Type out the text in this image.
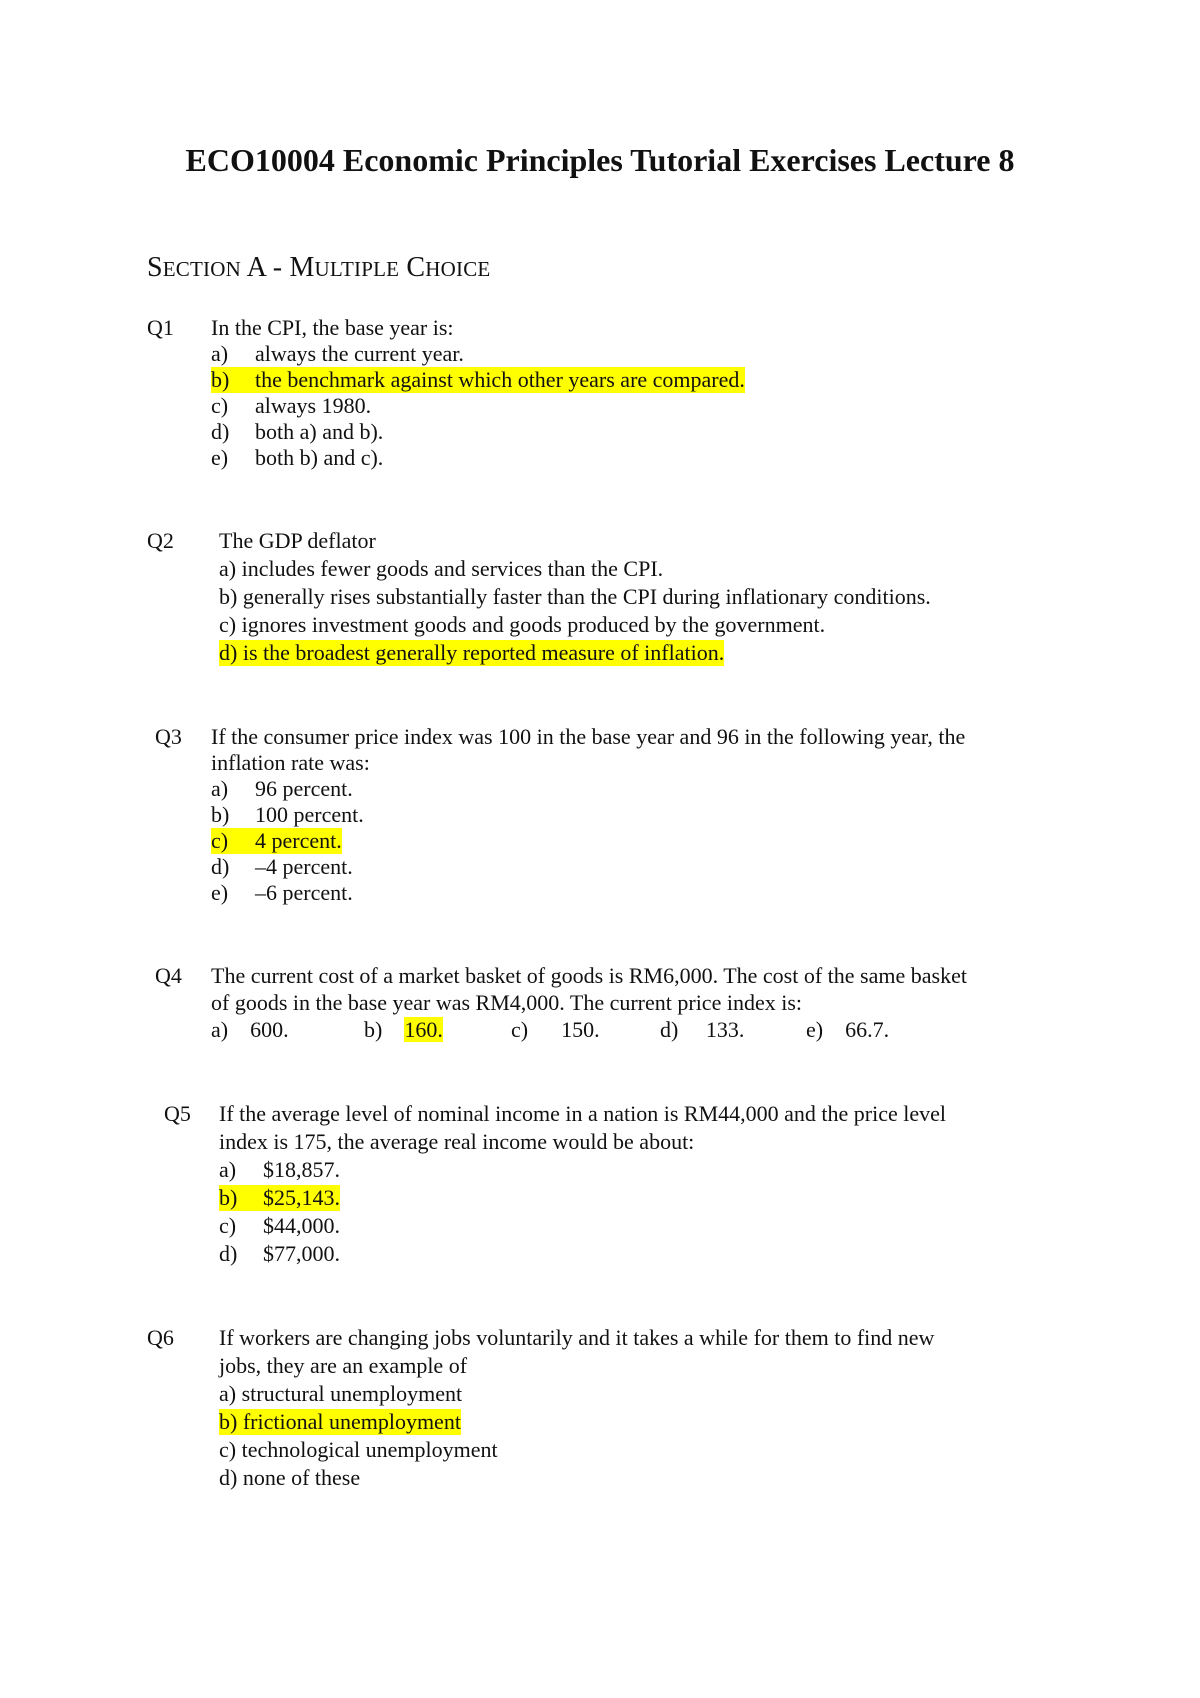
ECO10004 Economic Principles Tutorial Exercises Lecture 8
SECTION A - MULTIPLE CHOICE
Q1 In the CPI, the base year is:
a) always the current year.
b) the benchmark against which other years are compared.
c) always 1980.
d) both a) and b).
e) both b) and c).
Q2 The GDP deflator
a) includes fewer goods and services than the CPI.
b) generally rises substantially faster than the CPI during inflationary conditions.
c) ignores investment goods and goods produced by the government.
d) is the broadest generally reported measure of inflation.
Q3 If the consumer price index was 100 in the base year and 96 in the following year, the
inflation rate was:
a) 96 percent.
b) 100 percent.
c) 4 percent.
d) –4 percent.
e) –6 percent.
Q4 The current cost of a market basket of goods is RM6,000. The cost of the same basket
of goods in the base year was RM4,000. The current price index is:
a) 600.	b) 160.	c) 150.	d) 133.	e) 66.7.
Q5 If the average level of nominal income in a nation is RM44,000 and the price level
index is 175, the average real income would be about:
a) $18,857.
b) $25,143.
c) $44,000.
d) $77,000.
Q6 If workers are changing jobs voluntarily and it takes a while for them to find new
jobs, they are an example of
a) structural unemployment
b) frictional unemployment
c) technological unemployment
d) none of these
